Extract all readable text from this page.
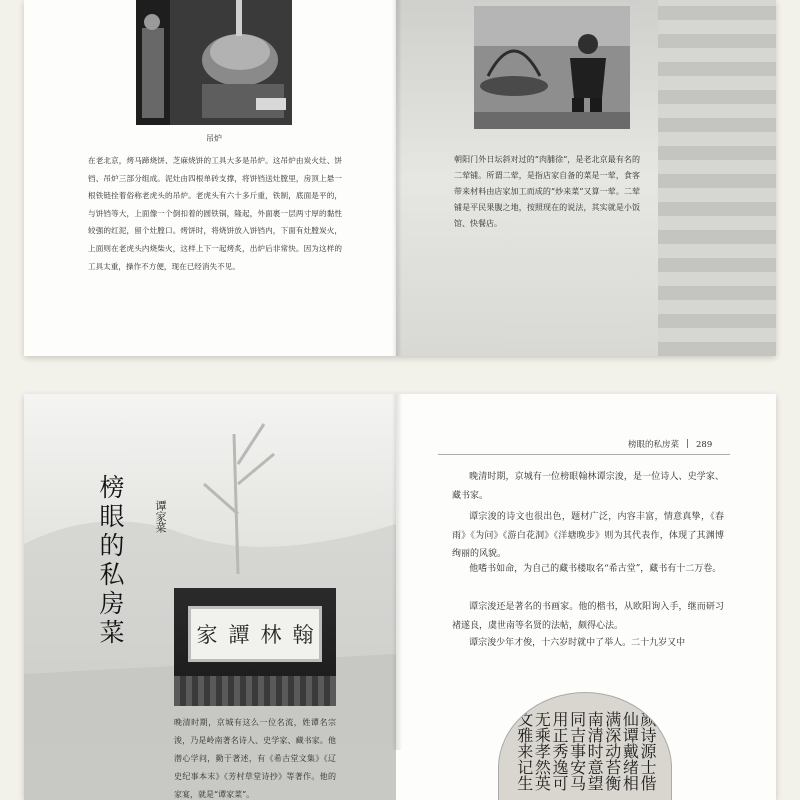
吊炉

在老北京，烤马蹄烧饼、芝麻烧饼的工具大多是吊炉。这吊炉由炭火灶、饼铛、吊炉三部分组成。泥灶由四根单砖支撑，将饼铛送灶膛里，房顶上悬一根铁链拴着俗称老虎头的吊炉。老虎头有六十多斤重，铁制，底面是平的，与饼铛等大，上面像一个倒扣着的圆铁锅，隆起，外面裹一层两寸厚的黏性较强的红泥，留个灶膛口。烤饼时，将烧饼放入饼铛内，下面有灶膛炭火，上面则在老虎头内烧柴火，这样上下一起烤炙，出炉后非常快。因为这样的工具太重，操作不方便，现在已经消失不见。

朝阳门外日坛斜对过的“肉脯徐”，是老北京最有名的二荤铺。所谓二荤，是指店家自备的菜是一荤，食客带来材料由店家加工而成的“炒来菜”又算一荤。二荤铺是平民果腹之地，按照现在的说法，其实就是小饭馆、快餐店。

榜眼的私房菜	谭家菜
家 譚 林 翰

晚清时期，京城有这么一位名流，姓谭名宗浚，乃是岭南著名诗人、史学家、藏书家。他潜心学问，勤于著述，有《希古堂文集》《辽史纪事本末》《芳村草堂诗抄》等著作。他的家宴，就是“谭家菜”。

榜眼的私房菜 289

晚清时期，京城有一位榜眼翰林谭宗浚，是一位诗人、史学家、藏书家。

谭宗浚的诗文也很出色，题材广泛，内容丰富，情意真挚，《春雨》《为问》《游白花洞》《洋塘晚步》则为其代表作，体现了其渊博绚丽的风貌。

他嗜书如命，为自己的藏书楼取名“希古堂”，藏书有十二万卷。

谭宗浚还是著名的书画家。他的楷书，从欧阳询入手，继而研习褚遂良，虞世南等名贤的法帖，颇得心法。

谭宗浚少年才俊，十六岁时就中了举人。二十九岁又中

颜诗源士偕
仙谭戴绪相
满深动苔衡
南清时意望
同吉事安马
用正秀逸可
无乘孝然英
文雅来记生
